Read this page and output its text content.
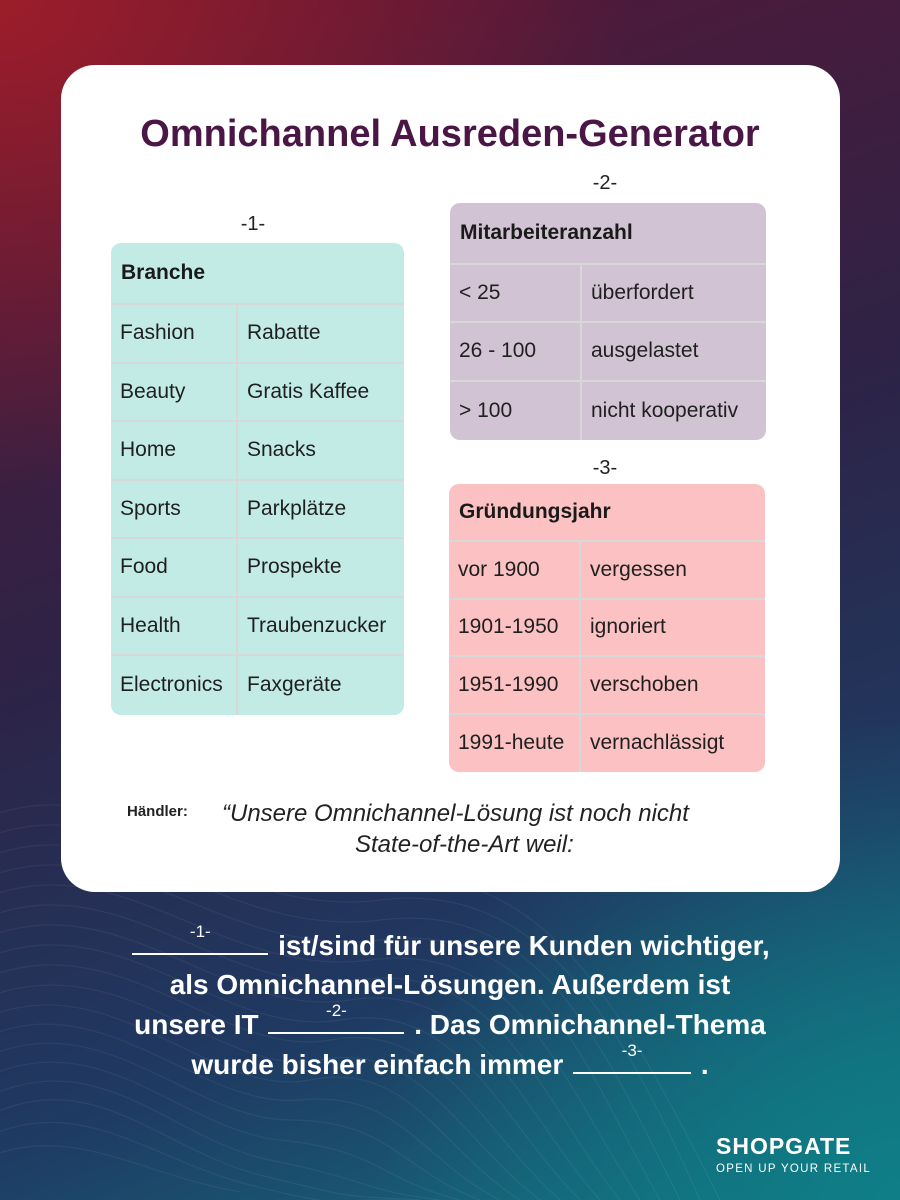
Omnichannel Ausreden-Generator
-1-
Branche
Fashion	Rabatte
Beauty	Gratis Kaffee
Home	Snacks
Sports	Parkplätze
Food	Prospekte
Health	Traubenzucker
Electronics	Faxgeräte
-2-
Mitarbeiteranzahl
< 25	überfordert
26 - 100	ausgelastet
> 100	nicht kooperativ
-3-
Gründungsjahr
vor 1900	vergessen
1901-1950	ignoriert
1951-1990	verschoben
1991-heute	vernachlässigt
Händler: “Unsere Omnichannel-Lösung ist noch nicht
State-of-the-Art weil:
-1-	ist/sind für unsere Kunden wichtiger,
als Omnichannel-Lösungen. Außerdem ist
unsere IT	-2-	. Das Omnichannel-Thema
wurde bisher einfach immer	-3-	.
SHOPGATE
OPEN UP YOUR RETAIL
